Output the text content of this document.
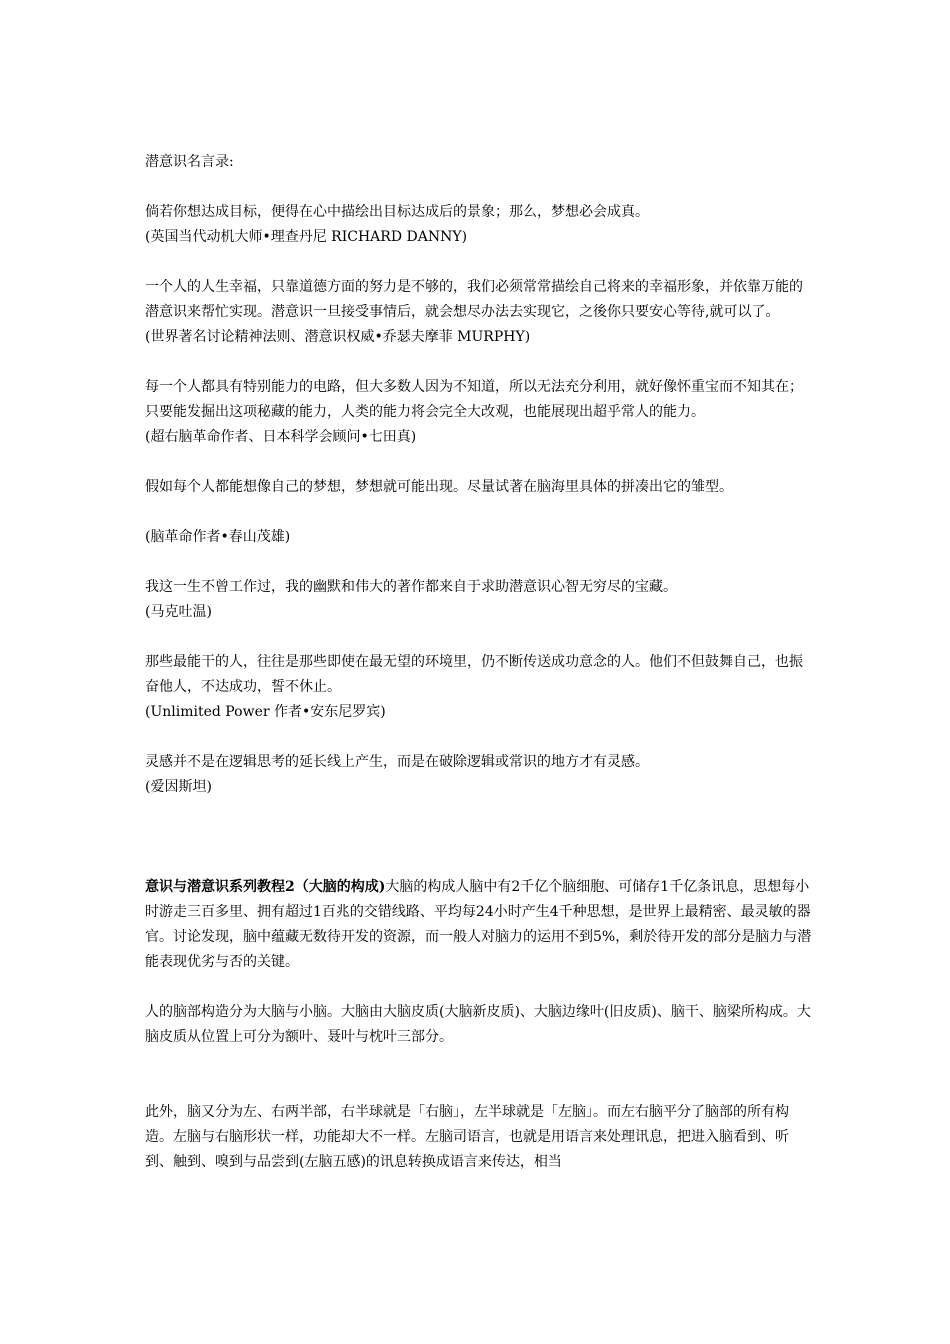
潜意识名言录:
倘若你想达成目标，便得在心中描绘出目标达成后的景象；那么，梦想必会成真。
(英国当代动机大师•理查丹尼 RICHARD DANNY)
一个人的人生幸福，只靠道德方面的努力是不够的，我们必须常常描绘自己将来的幸福形象，并依靠万能的潜意识来帮忙实现。潜意识一旦接受事情后，就会想尽办法去实现它，之後你只要安心等待,就可以了。
(世界著名讨论精神法则、潜意识权威•乔瑟夫摩菲 MURPHY)
每一个人都具有特别能力的电路，但大多数人因为不知道，所以无法充分利用，就好像怀重宝而不知其在；只要能发掘出这项秘藏的能力，人类的能力将会完全大改观，也能展现出超乎常人的能力。
(超右脑革命作者、日本科学会顾问•七田真)
假如每个人都能想像自己的梦想，梦想就可能出现。尽量试著在脑海里具体的拼凑出它的雏型。
(脑革命作者•春山茂雄)
我这一生不曾工作过，我的幽默和伟大的著作都来自于求助潜意识心智无穷尽的宝藏。
(马克吐温)
那些最能干的人，往往是那些即使在最无望的环境里，仍不断传送成功意念的人。他们不但鼓舞自己，也振奋他人，不达成功，誓不休止。
(Unlimited Power 作者•安东尼罗宾)
灵感并不是在逻辑思考的延长线上产生，而是在破除逻辑或常识的地方才有灵感。
(爱因斯坦)
意识与潜意识系列教程2（大脑的构成)大脑的构成人脑中有2千亿个脑细胞、可储存1千亿条讯息，思想每小时游走三百多里、拥有超过1百兆的交错线路、平均每24小时产生4千种思想，是世界上最精密、最灵敏的器官。讨论发现，脑中蕴藏无数待开发的资源，而一般人对脑力的运用不到5%，剩於待开发的部分是脑力与潜能表现优劣与否的关键。
人的脑部构造分为大脑与小脑。大脑由大脑皮质(大脑新皮质)、大脑边缘叶(旧皮质)、脑干、脑梁所构成。大脑皮质从位置上可分为额叶、聂叶与枕叶三部分。
此外，脑又分为左、右两半部，右半球就是「右脑」，左半球就是「左脑」。而左右脑平分了脑部的所有构造。左脑与右脑形状一样，功能却大不一样。左脑司语言，也就是用语言来处理讯息，把进入脑看到、听到、触到、嗅到与品尝到(左脑五感)的讯息转换成语言来传达，相当
